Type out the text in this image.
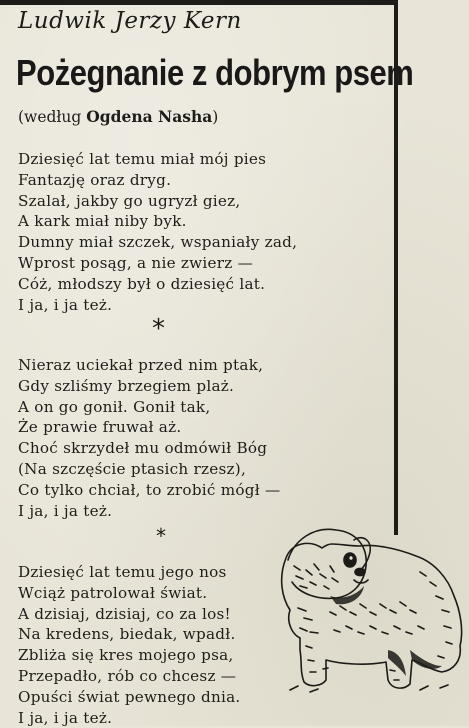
Ludwik Jerzy Kern
Pożegnanie z dobrym psem
(według Ogdena Nasha)
Dziesięć lat temu miał mój pies
Fantazję oraz dryg.
Szalał, jakby go ugryzł giez,
A kark miał niby byk.
Dumny miał szczek, wspaniały zad,
Wprost posąg, a nie zwierz —
Cóż, młodszy był o dziesięć lat.
I ja, i ja też.
*
Nieraz uciekał przed nim ptak,
Gdy szliśmy brzegiem plaż.
A on go gonił. Gonił tak,
Że prawie fruwał aż.
Choć skrzydeł mu odmówił Bóg
(Na szczęście ptasich rzesz),
Co tylko chciał, to zrobić mógł —
I ja, i ja też.
*
Dziesięć lat temu jego nos
Wciąż patrolował świat.
A dzisiaj, dzisiaj, co za los!
Na kredens, biedak, wpadł.
Zbliża się kres mojego psa,
Przepadło, rób co chcesz —
Opuści świat pewnego dnia.
I ja, i ja też.
